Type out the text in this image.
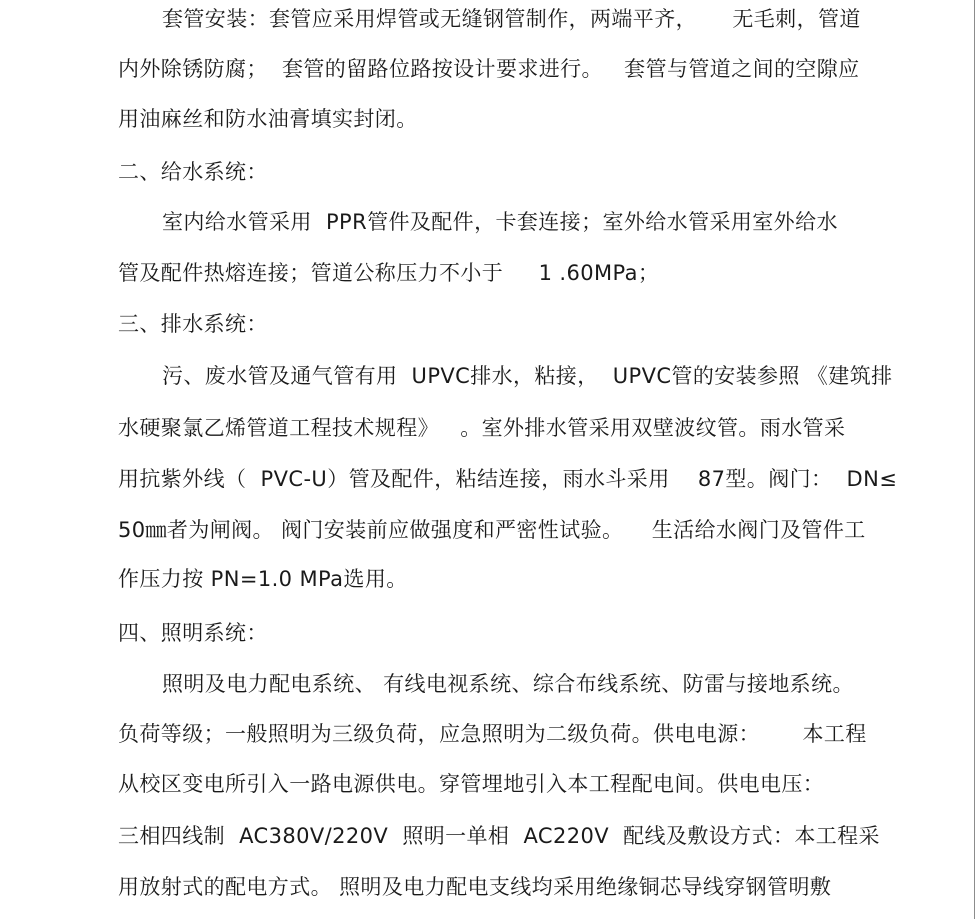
套管安装：套管应采用焊管或无缝钢管制作，两端平齐，     无毛刺，管道

内外除锈防腐；  套管的留路位路按设计要求进行。   套管与管道之间的空隙应

用油麻丝和防水油膏填实封闭。

二、给水系统：

室内给水管采用  PPR管件及配件，卡套连接；室外给水管采用室外给水

管及配件热熔连接；管道公称压力不小于     1 .60MPa；

三、排水系统：

污、废水管及通气管有用  UPVC排水，粘接，  UPVC管的安装参照 《建筑排

水硬聚氯乙烯管道工程技术规程》   。室外排水管采用双壁波纹管。雨水管采

用抗紫外线（  PVC-U）管及配件，粘结连接，雨水斗采用    87型。阀门：  DN≤

50㎜者为闸阀。 阀门安装前应做强度和严密性试验。    生活给水阀门及管件工

作压力按 PN=1.0 MPa选用。

四、照明系统：

照明及电力配电系统、 有线电视系统、综合布线系统、防雷与接地系统。

负荷等级；一般照明为三级负荷，应急照明为二级负荷。供电电源：      本工程

从校区变电所引入一路电源供电。穿管埋地引入本工程配电间。供电电压：

三相四线制  AC380V/220V  照明一单相  AC220V  配线及敷设方式：本工程采

用放射式的配电方式。 照明及电力配电支线均采用绝缘铜芯导线穿钢管明敷
